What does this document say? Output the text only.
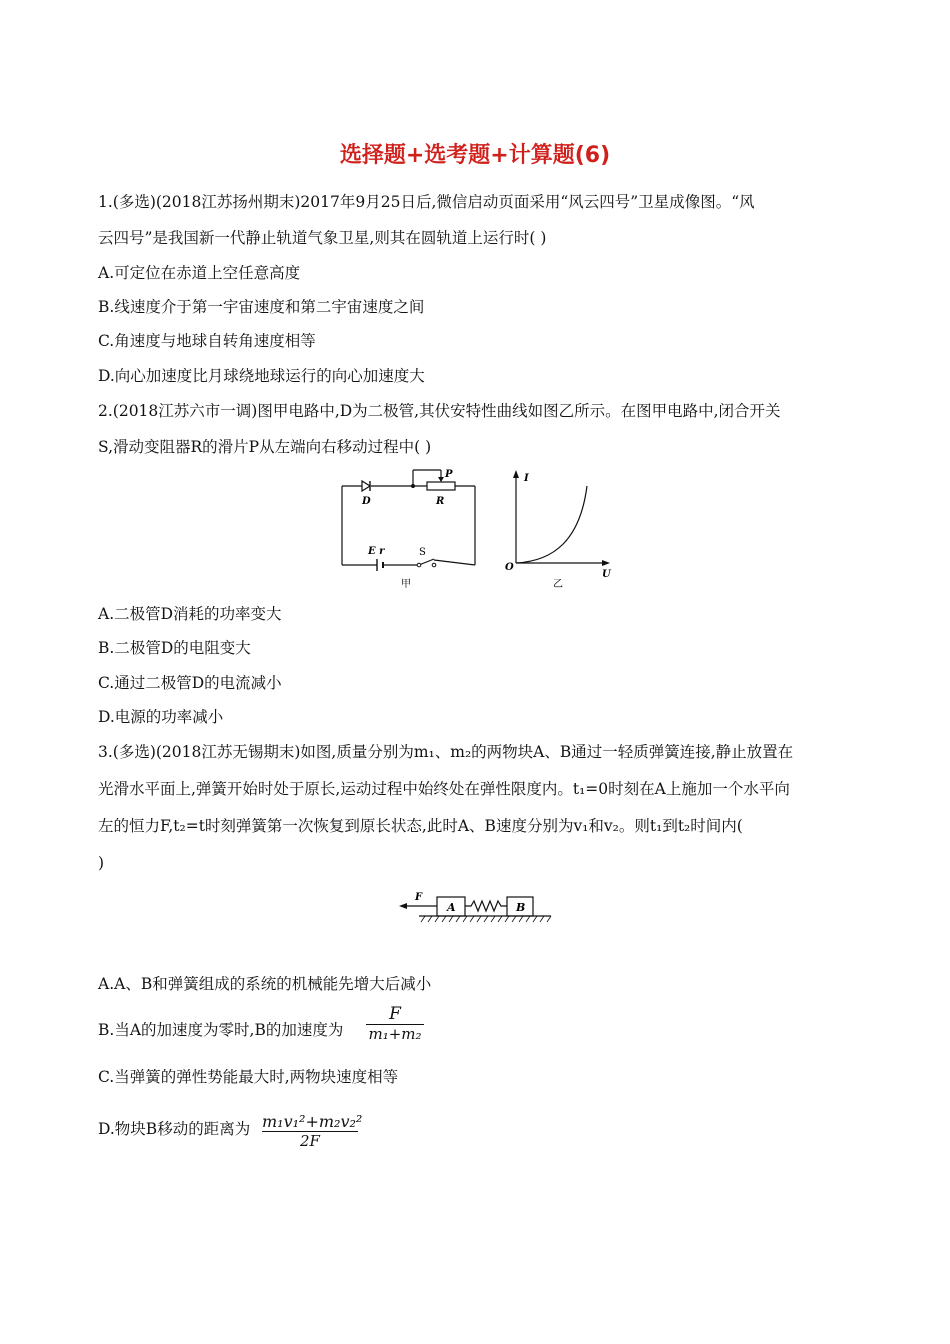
选择题+选考题+计算题(6)
1.(多选)(2018江苏扬州期末)2017年9月25日后,微信启动页面采用“风云四号”卫星成像图。“风
云四号”是我国新一代静止轨道气象卫星,则其在圆轨道上运行时( )
A.可定位在赤道上空任意高度
B.线速度介于第一宇宙速度和第二宇宙速度之间
C.角速度与地球自转角速度相等
D.向心加速度比月球绕地球运行的向心加速度大
2.(2018江苏六市一调)图甲电路中,D为二极管,其伏安特性曲线如图乙所示。在图甲电路中,闭合开关
S,滑动变阻器R的滑片P从左端向右移动过程中( )
D	R
P
E r	S
甲
I
U
O
乙
A.二极管D消耗的功率变大
B.二极管D的电阻变大
C.通过二极管D的电流减小
D.电源的功率减小
3.(多选)(2018江苏无锡期末)如图,质量分别为m₁、m₂的两物块A、B通过一轻质弹簧连接,静止放置在
光滑水平面上,弹簧开始时处于原长,运动过程中始终处在弹性限度内。t₁=0时刻在A上施加一个水平向
左的恒力F,t₂=t时刻弹簧第一次恢复到原长状态,此时A、B速度分别为v₁和v₂。则t₁到t₂时间内(
)
F
A	B
A.A、B和弹簧组成的系统的机械能先增大后减小
B.当A的加速度为零时,B的加速度为
F
m₁+m₂
C.当弹簧的弹性势能最大时,两物块速度相等
D.物块B移动的距离为 m₁v₁²+m₂v₂²
2F
